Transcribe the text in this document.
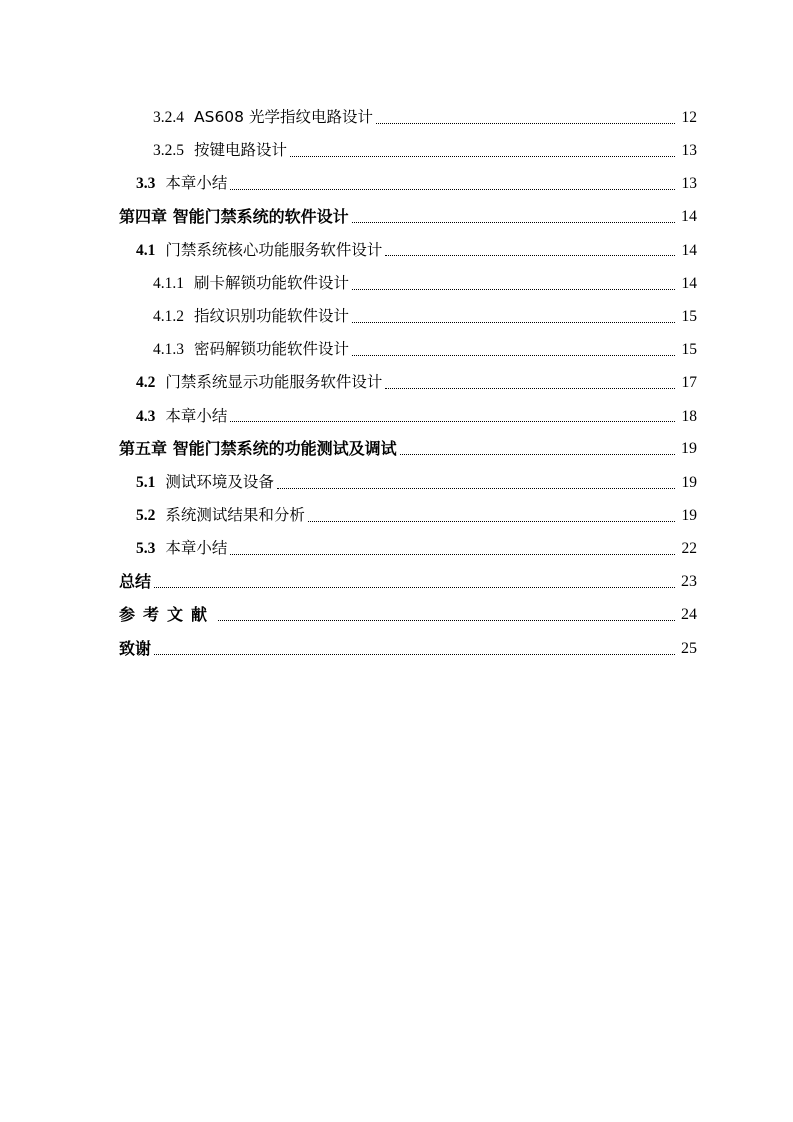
3.2.4 AS608 光学指纹电路设计	12
3.2.5 按键电路设计	13
3.3 本章小结	13
第四章 智能门禁系统的软件设计	14
4.1 门禁系统核心功能服务软件设计	14
4.1.1 刷卡解锁功能软件设计	14
4.1.2 指纹识别功能软件设计	15
4.1.3 密码解锁功能软件设计	15
4.2 门禁系统显示功能服务软件设计	17
4.3 本章小结	18
第五章 智能门禁系统的功能测试及调试	19
5.1 测试环境及设备	19
5.2 系统测试结果和分析	19
5.3 本章小结	22
总结	23
参考文献	24
致谢	25
